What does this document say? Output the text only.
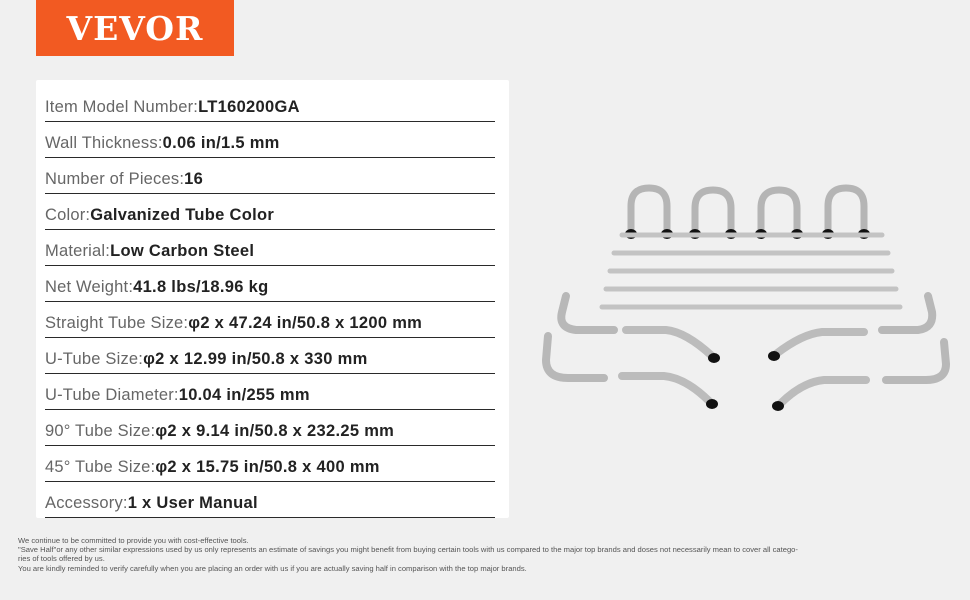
VEVOR
Item Model Number: LT160200GA
Wall Thickness: 0.06 in/1.5 mm
Number of Pieces: 16
Color: Galvanized Tube Color
Material: Low Carbon Steel
Net Weight: 41.8 lbs/18.96 kg
Straight Tube Size: φ2 x 47.24 in/50.8 x 1200 mm
U-Tube Size: φ2 x 12.99 in/50.8 x 330 mm
U-Tube Diameter: 10.04 in/255 mm
90° Tube Size: φ2 x 9.14 in/50.8 x 232.25 mm
45° Tube Size: φ2 x 15.75 in/50.8 x 400 mm
Accessory: 1 x User Manual
We continue to be committed to provide you with cost-effective tools.
"Save Half"or any other similar expressions used by us only represents an estimate of savings you might benefit from buying certain tools with us compared to the major top brands and doses not necessarily mean to cover all catego-
ries of tools offered by us.
You are kindly reminded to verify carefully when you are placing an order with us if you are actually saving half in comparison with the top major brands.
